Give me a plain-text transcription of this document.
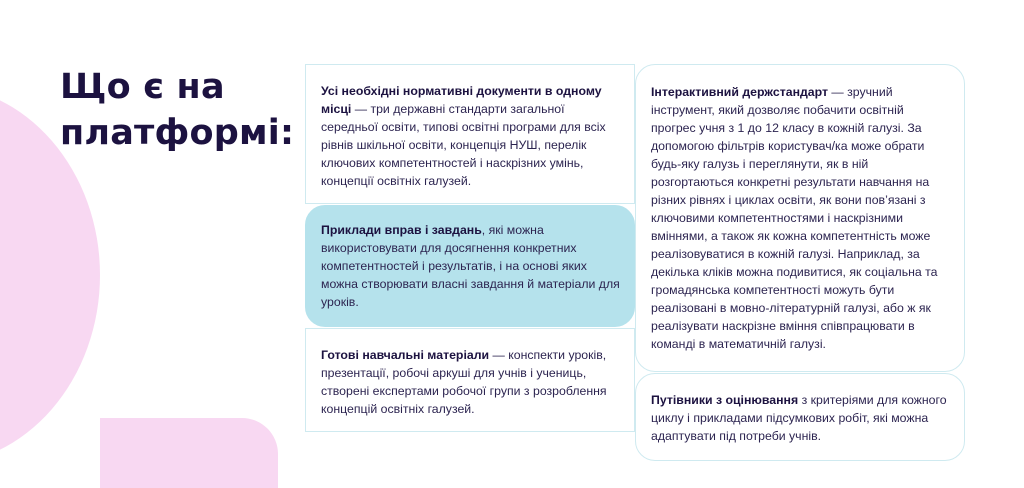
Що є на платформі:

Усі необхідні нормативні документи в одному місці — три державні стандарти загальної середньої освіти, типові освітні програми для всіх рівнів шкільної освіти, концепція НУШ, перелік ключових компетентностей і наскрізних умінь, концепції освітніх галузей.

Приклади вправ і завдань, які можна використовувати для досягнення конкретних компетентностей і результатів, і на основі яких можна створювати власні завдання й матеріали для уроків.

Готові навчальні матеріали — конспекти уроків, презентації, робочі аркуші для учнів і учениць, створені експертами робочої групи з розроблення концепцій освітніх галузей.

Інтерактивний держстандарт — зручний інструмент, який дозволяє побачити освітній прогрес учня з 1 до 12 класу в кожній галузі. За допомогою фільтрів користувач/ка може обрати будь-яку галузь і переглянути, як в ній розгортаються конкретні результати навчання на різних рівнях і циклах освіти, як вони пов’язані з ключовими компетентностями і наскрізними вміннями, а також як кожна компетентність може реалізовуватися в кожній галузі. Наприклад, за декілька кліків можна подивитися, як соціальна та громадянська компетентності можуть бути реалізовані в мовно-літературній галузі, або ж як реалізувати наскрізне вміння співпрацювати в команді в математичній галузі.

Путівники з оцінювання з критеріями для кожного циклу і прикладами підсумкових робіт, які можна адаптувати під потреби учнів.
